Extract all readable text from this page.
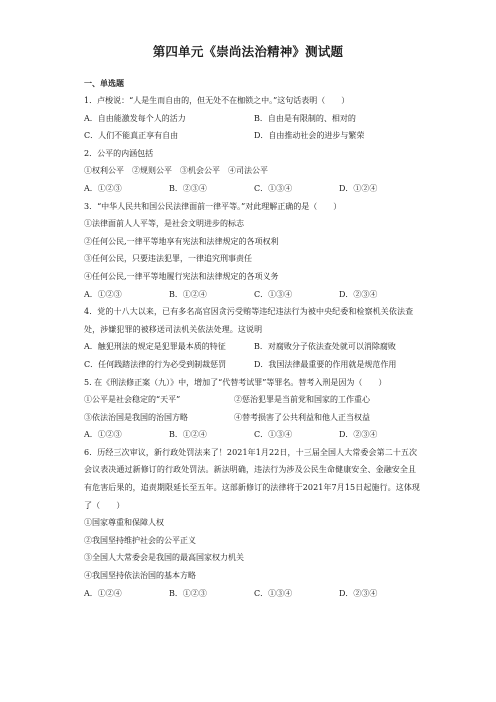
第四单元《崇尚法治精神》测试题
一、单选题
1．卢梭说：“人是生而自由的，但无处不在枷锁之中。”这句话表明（　　）
A．自由能激发每个人的活力	B．自由是有限制的、相对的
C．人们不能真正享有自由	D．自由推动社会的进步与繁荣
2．公平的内涵包括
①权利公平　②规则公平　③机会公平　④司法公平
A．①②③	B．②③④	C．①③④	D．①②④
3．“中华人民共和国公民法律面前一律平等。”对此理解正确的是（　　）
①法律面前人人平等，是社会文明进步的标志
②任何公民,一律平等地享有宪法和法律规定的各项权利
③任何公民，只要违法犯罪，一律追究刑事责任
④任何公民,一律平等地履行宪法和法律规定的各项义务
A．①②③	B．①②④	C．①③④	D．②③④
4．党的十八大以来，已有多名高官因贪污受贿等违纪违法行为被中央纪委和检察机关依法查处，涉嫌犯罪的被移送司法机关依法处理。这说明
A．触犯刑法的规定是犯罪最本质的特征	B．对腐败分子依法查处就可以消除腐败
C．任何践踏法律的行为必受到制裁惩罚	D．我国法律最重要的作用就是规范作用
5. 在《刑法修正案（九）》中，增加了“代替考试罪”等罪名。替考入刑是因为（　　）
①公平是社会稳定的“天平”	②惩治犯罪是当前党和国家的工作重心
③依法治国是我国的治国方略	④替考损害了公共利益和他人正当权益
A．①②③	B．①②④	C．①③④	D．②③④
6．历经三次审议，新行政处罚法来了！2021年1月22日，十三届全国人大常委会第二十五次会议表决通过新修订的行政处罚法。新法明确，违法行为涉及公民生命健康安全、金融安全且有危害后果的，追责期限延长至五年。这部新修订的法律将于2021年7月15日起施行。这体现了（　　）
①国家尊重和保障人权
②我国坚持维护社会的公平正义
③全国人大常委会是我国的最高国家权力机关
④我国坚持依法治国的基本方略
A．①②④	B．①②③	C．①③④	D．②③④
